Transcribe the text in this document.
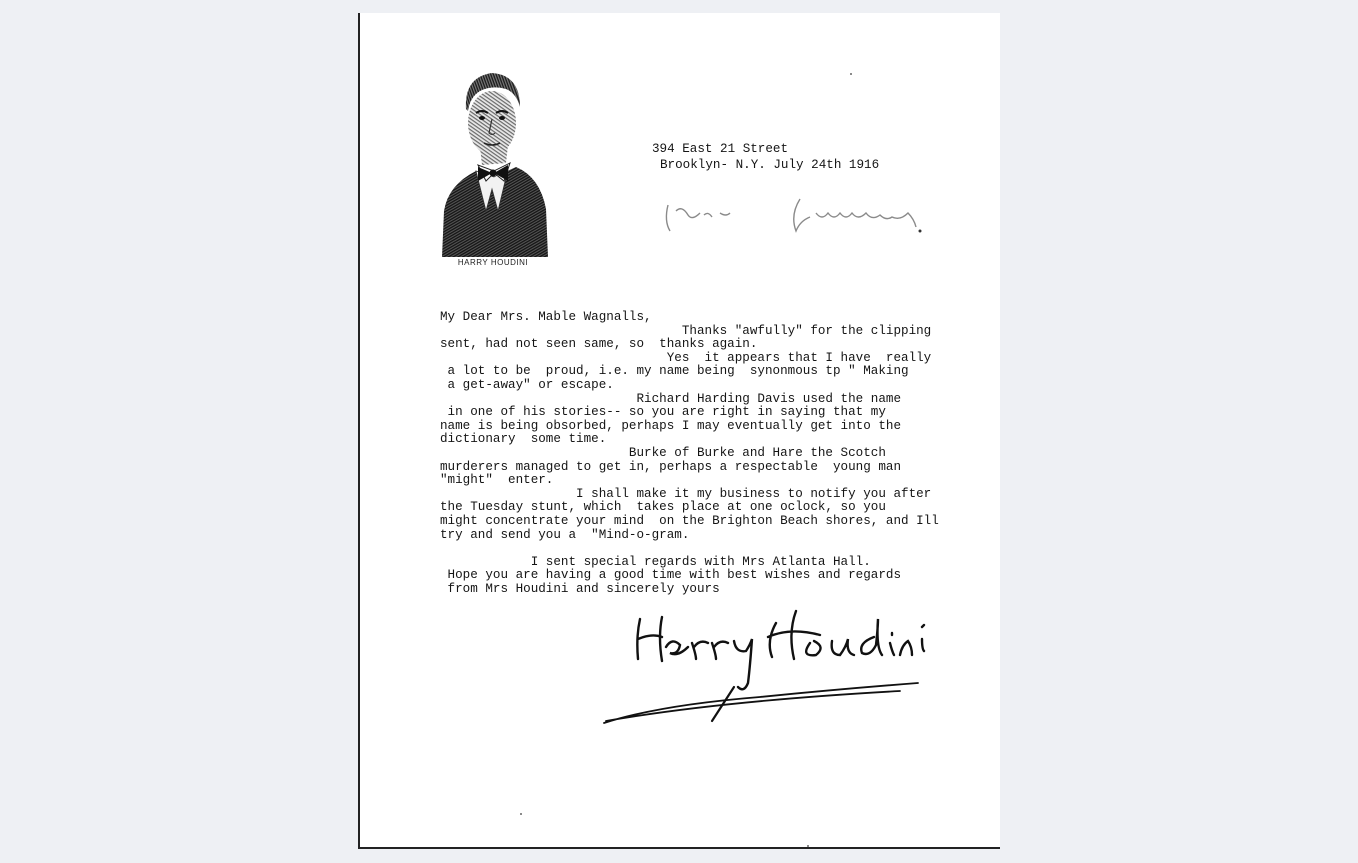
HARRY HOUDINI
394 East 21 Street
Brooklyn- N.Y. July 24th 1916
My Dear Mrs. Mable Wagnalls,
Thanks "awfully" for the clipping
sent, had not seen same, so  thanks again.
Yes  it appears that I have  really
a lot to be  proud, i.e. my name being  synonmous tp " Making
a get-away" or escape.
Richard Harding Davis used the name
in one of his stories-- so you are right in saying that my
name is being obsorbed, perhaps I may eventually get into the
dictionary  some time.
Burke of Burke and Hare the Scotch
murderers managed to get in, perhaps a respectable  young man
"might"  enter.
I shall make it my business to notify you after
the Tuesday stunt, which  takes place at one oclock, so you
might concentrate your mind  on the Brighton Beach shores, and Ill
try and send you a  "Mind-o-gram.

I sent special regards with Mrs Atlanta Hall.
Hope you are having a good time with best wishes and regards
from Mrs Houdini and sincerely yours
